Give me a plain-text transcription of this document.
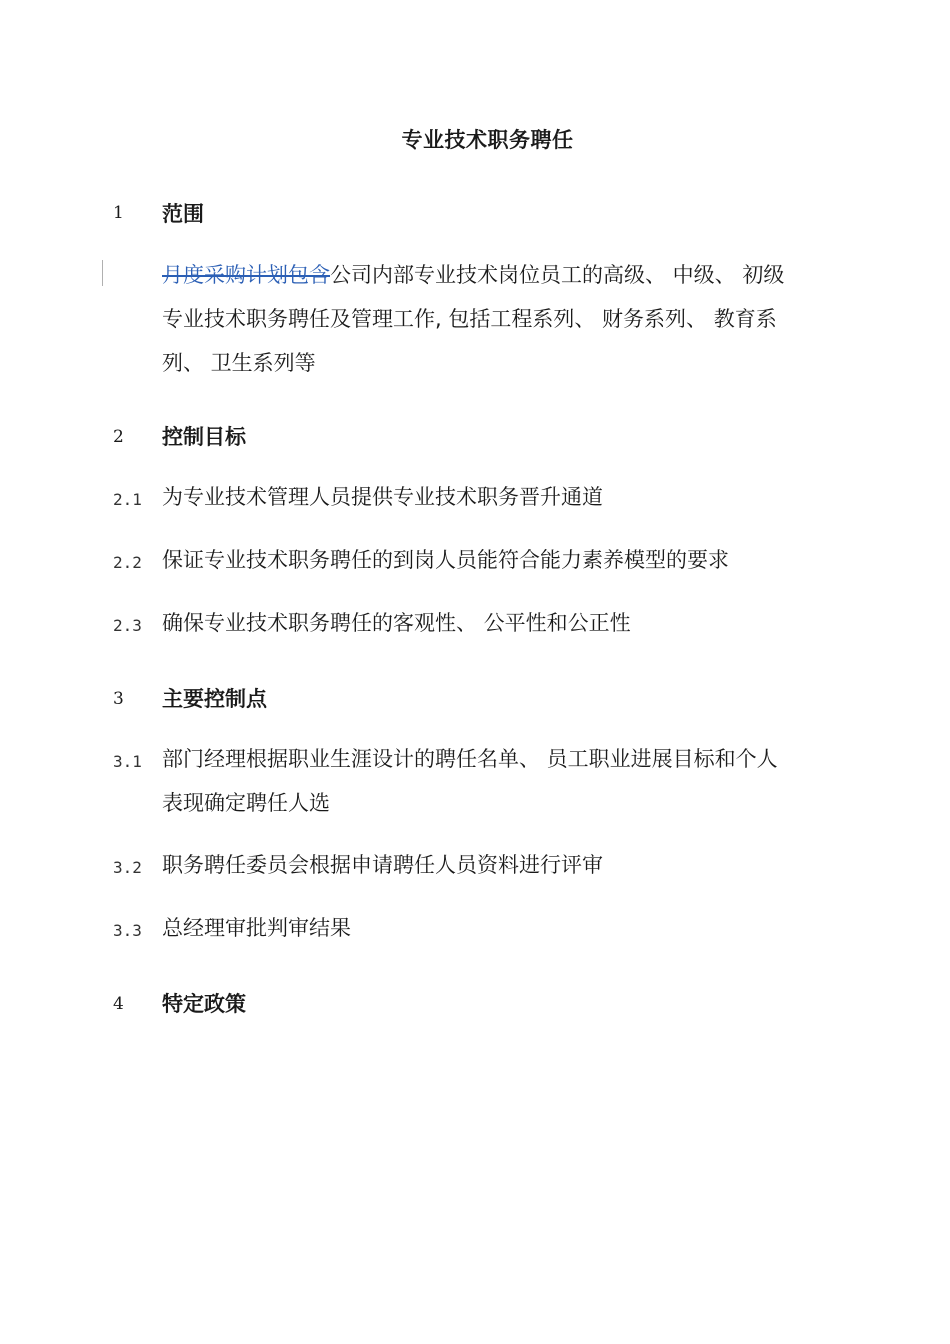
专业技术职务聘任
1 范围
月度采购计划包含公司内部专业技术岗位员工的高级、 中级、 初级
专业技术职务聘任及管理工作, 包括工程系列、 财务系列、 教育系
列、 卫生系列等
2 控制目标
2.1 为专业技术管理人员提供专业技术职务晋升通道
2.2 保证专业技术职务聘任的到岗人员能符合能力素养模型的要求
2.3 确保专业技术职务聘任的客观性、 公平性和公正性
3 主要控制点
3.1 部门经理根据职业生涯设计的聘任名单、 员工职业进展目标和个人
表现确定聘任人选
3.2 职务聘任委员会根据申请聘任人员资料进行评审
3.3 总经理审批判审结果
4 特定政策
